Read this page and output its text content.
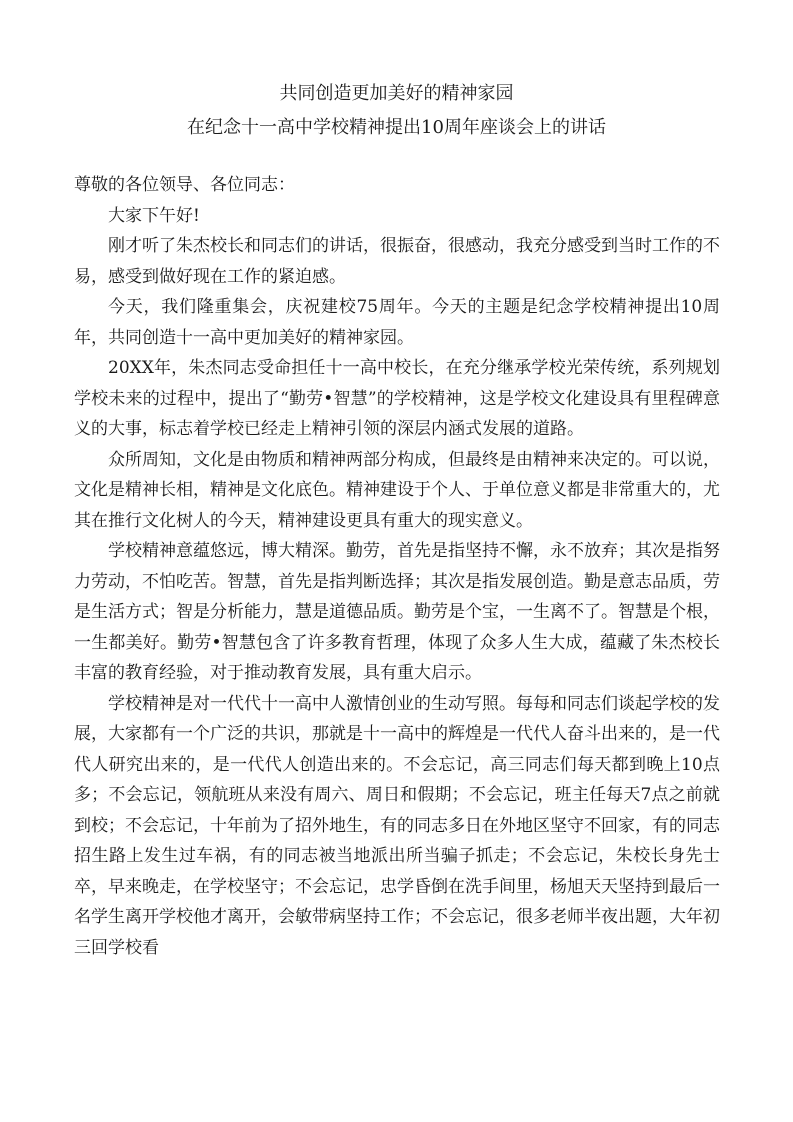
共同创造更加美好的精神家园
在纪念十一高中学校精神提出10周年座谈会上的讲话

尊敬的各位领导、各位同志：

大家下午好!

刚才听了朱杰校长和同志们的讲话，很振奋，很感动，我充分感受到当时工作的不易，感受到做好现在工作的紧迫感。

今天，我们隆重集会，庆祝建校75周年。今天的主题是纪念学校精神提出10周年，共同创造十一高中更加美好的精神家园。

20XX年，朱杰同志受命担任十一高中校长，在充分继承学校光荣传统，系列规划学校未来的过程中，提出了“勤劳•智慧”的学校精神，这是学校文化建设具有里程碑意义的大事，标志着学校已经走上精神引领的深层内涵式发展的道路。

众所周知，文化是由物质和精神两部分构成，但最终是由精神来决定的。可以说，文化是精神长相，精神是文化底色。精神建设于个人、于单位意义都是非常重大的，尤其在推行文化树人的今天，精神建设更具有重大的现实意义。

学校精神意蕴悠远，博大精深。勤劳，首先是指坚持不懈，永不放弃；其次是指努力劳动，不怕吃苦。智慧，首先是指判断选择；其次是指发展创造。勤是意志品质，劳是生活方式；智是分析能力，慧是道德品质。勤劳是个宝，一生离不了。智慧是个根，一生都美好。勤劳•智慧包含了许多教育哲理，体现了众多人生大成，蕴藏了朱杰校长丰富的教育经验，对于推动教育发展，具有重大启示。

学校精神是对一代代十一高中人激情创业的生动写照。每每和同志们谈起学校的发展，大家都有一个广泛的共识，那就是十一高中的辉煌是一代代人奋斗出来的，是一代代人研究出来的，是一代代人创造出来的。不会忘记，高三同志们每天都到晚上10点多；不会忘记，领航班从来没有周六、周日和假期；不会忘记，班主任每天7点之前就到校；不会忘记，十年前为了招外地生，有的同志多日在外地区坚守不回家，有的同志招生路上发生过车祸，有的同志被当地派出所当骗子抓走；不会忘记，朱校长身先士卒，早来晚走，在学校坚守；不会忘记，忠学昏倒在洗手间里，杨旭天天坚持到最后一名学生离开学校他才离开，会敏带病坚持工作；不会忘记，很多老师半夜出题，大年初三回学校看
